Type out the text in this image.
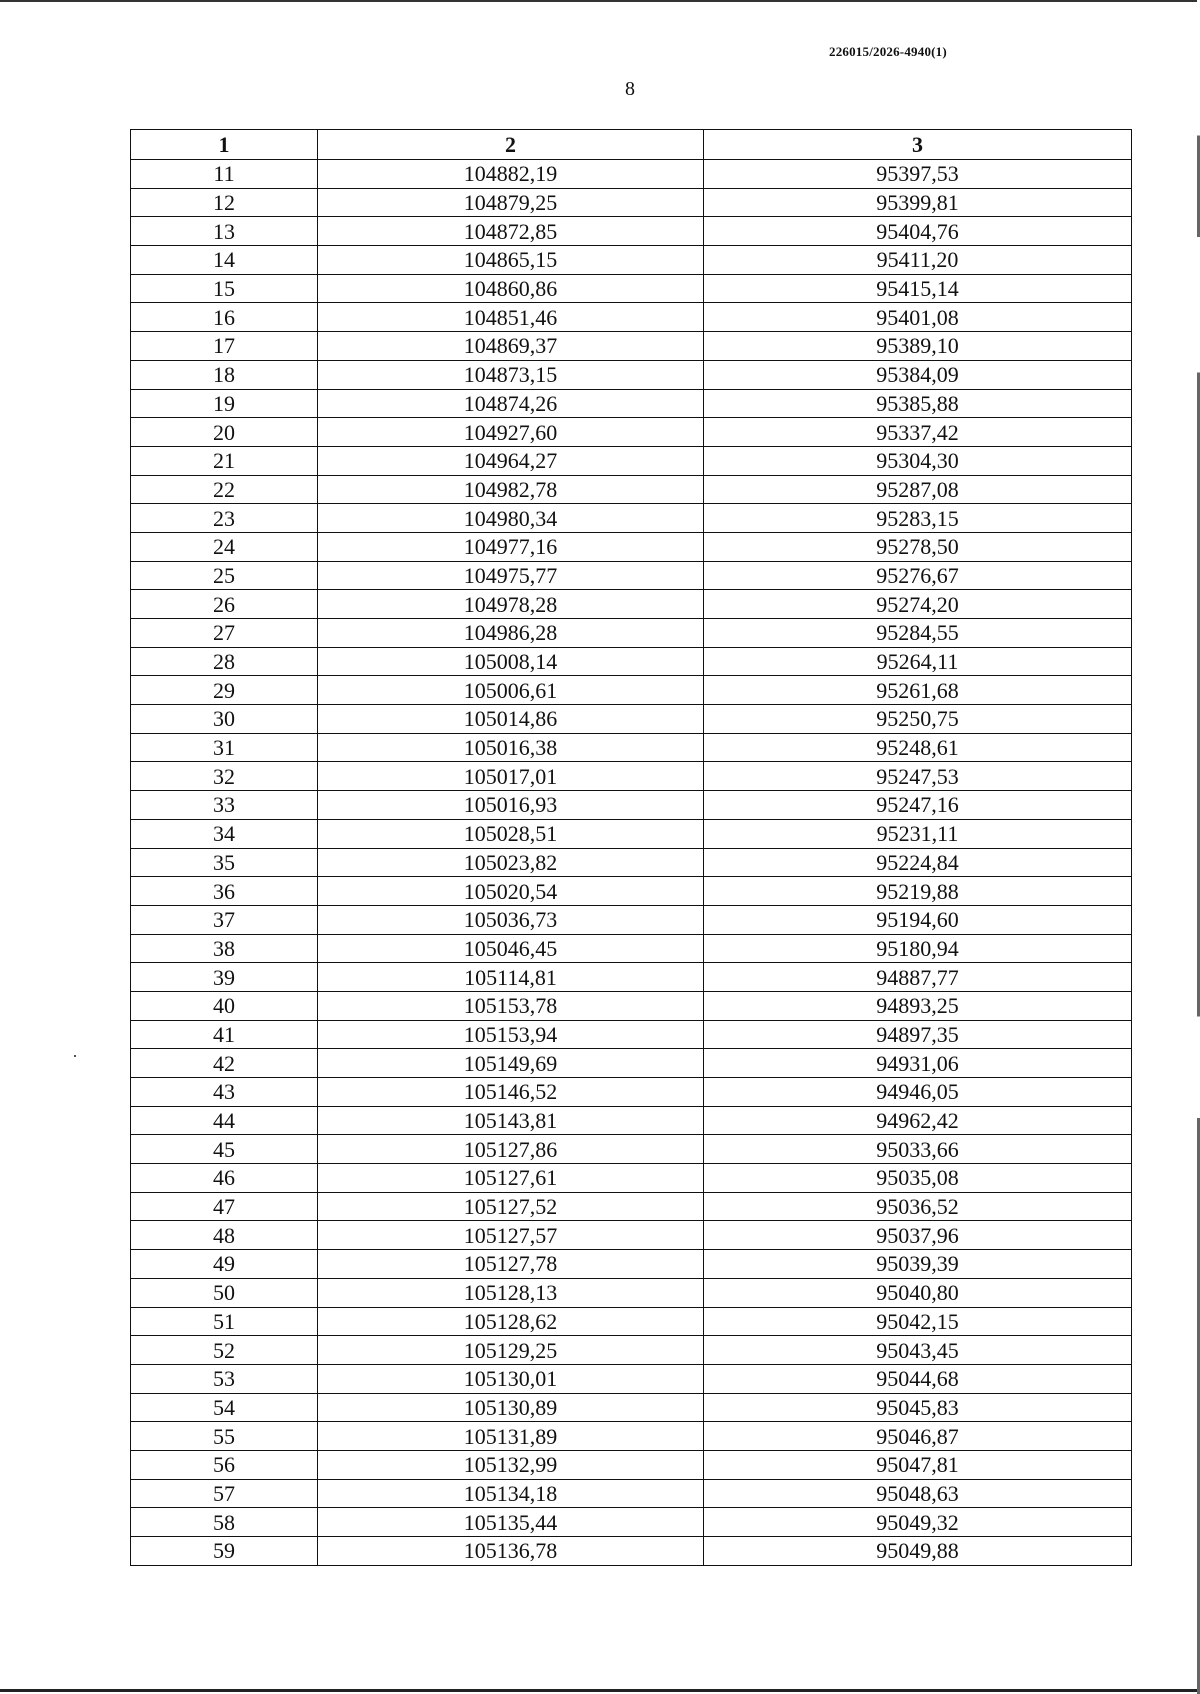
226015/2026-4940(1)
8
1	2	3
11	104882,19	95397,53
12	104879,25	95399,81
13	104872,85	95404,76
14	104865,15	95411,20
15	104860,86	95415,14
16	104851,46	95401,08
17	104869,37	95389,10
18	104873,15	95384,09
19	104874,26	95385,88
20	104927,60	95337,42
21	104964,27	95304,30
22	104982,78	95287,08
23	104980,34	95283,15
24	104977,16	95278,50
25	104975,77	95276,67
26	104978,28	95274,20
27	104986,28	95284,55
28	105008,14	95264,11
29	105006,61	95261,68
30	105014,86	95250,75
31	105016,38	95248,61
32	105017,01	95247,53
33	105016,93	95247,16
34	105028,51	95231,11
35	105023,82	95224,84
36	105020,54	95219,88
37	105036,73	95194,60
38	105046,45	95180,94
39	105114,81	94887,77
40	105153,78	94893,25
41	105153,94	94897,35
42	105149,69	94931,06
43	105146,52	94946,05
44	105143,81	94962,42
45	105127,86	95033,66
46	105127,61	95035,08
47	105127,52	95036,52
48	105127,57	95037,96
49	105127,78	95039,39
50	105128,13	95040,80
51	105128,62	95042,15
52	105129,25	95043,45
53	105130,01	95044,68
54	105130,89	95045,83
55	105131,89	95046,87
56	105132,99	95047,81
57	105134,18	95048,63
58	105135,44	95049,32
59	105136,78	95049,88
